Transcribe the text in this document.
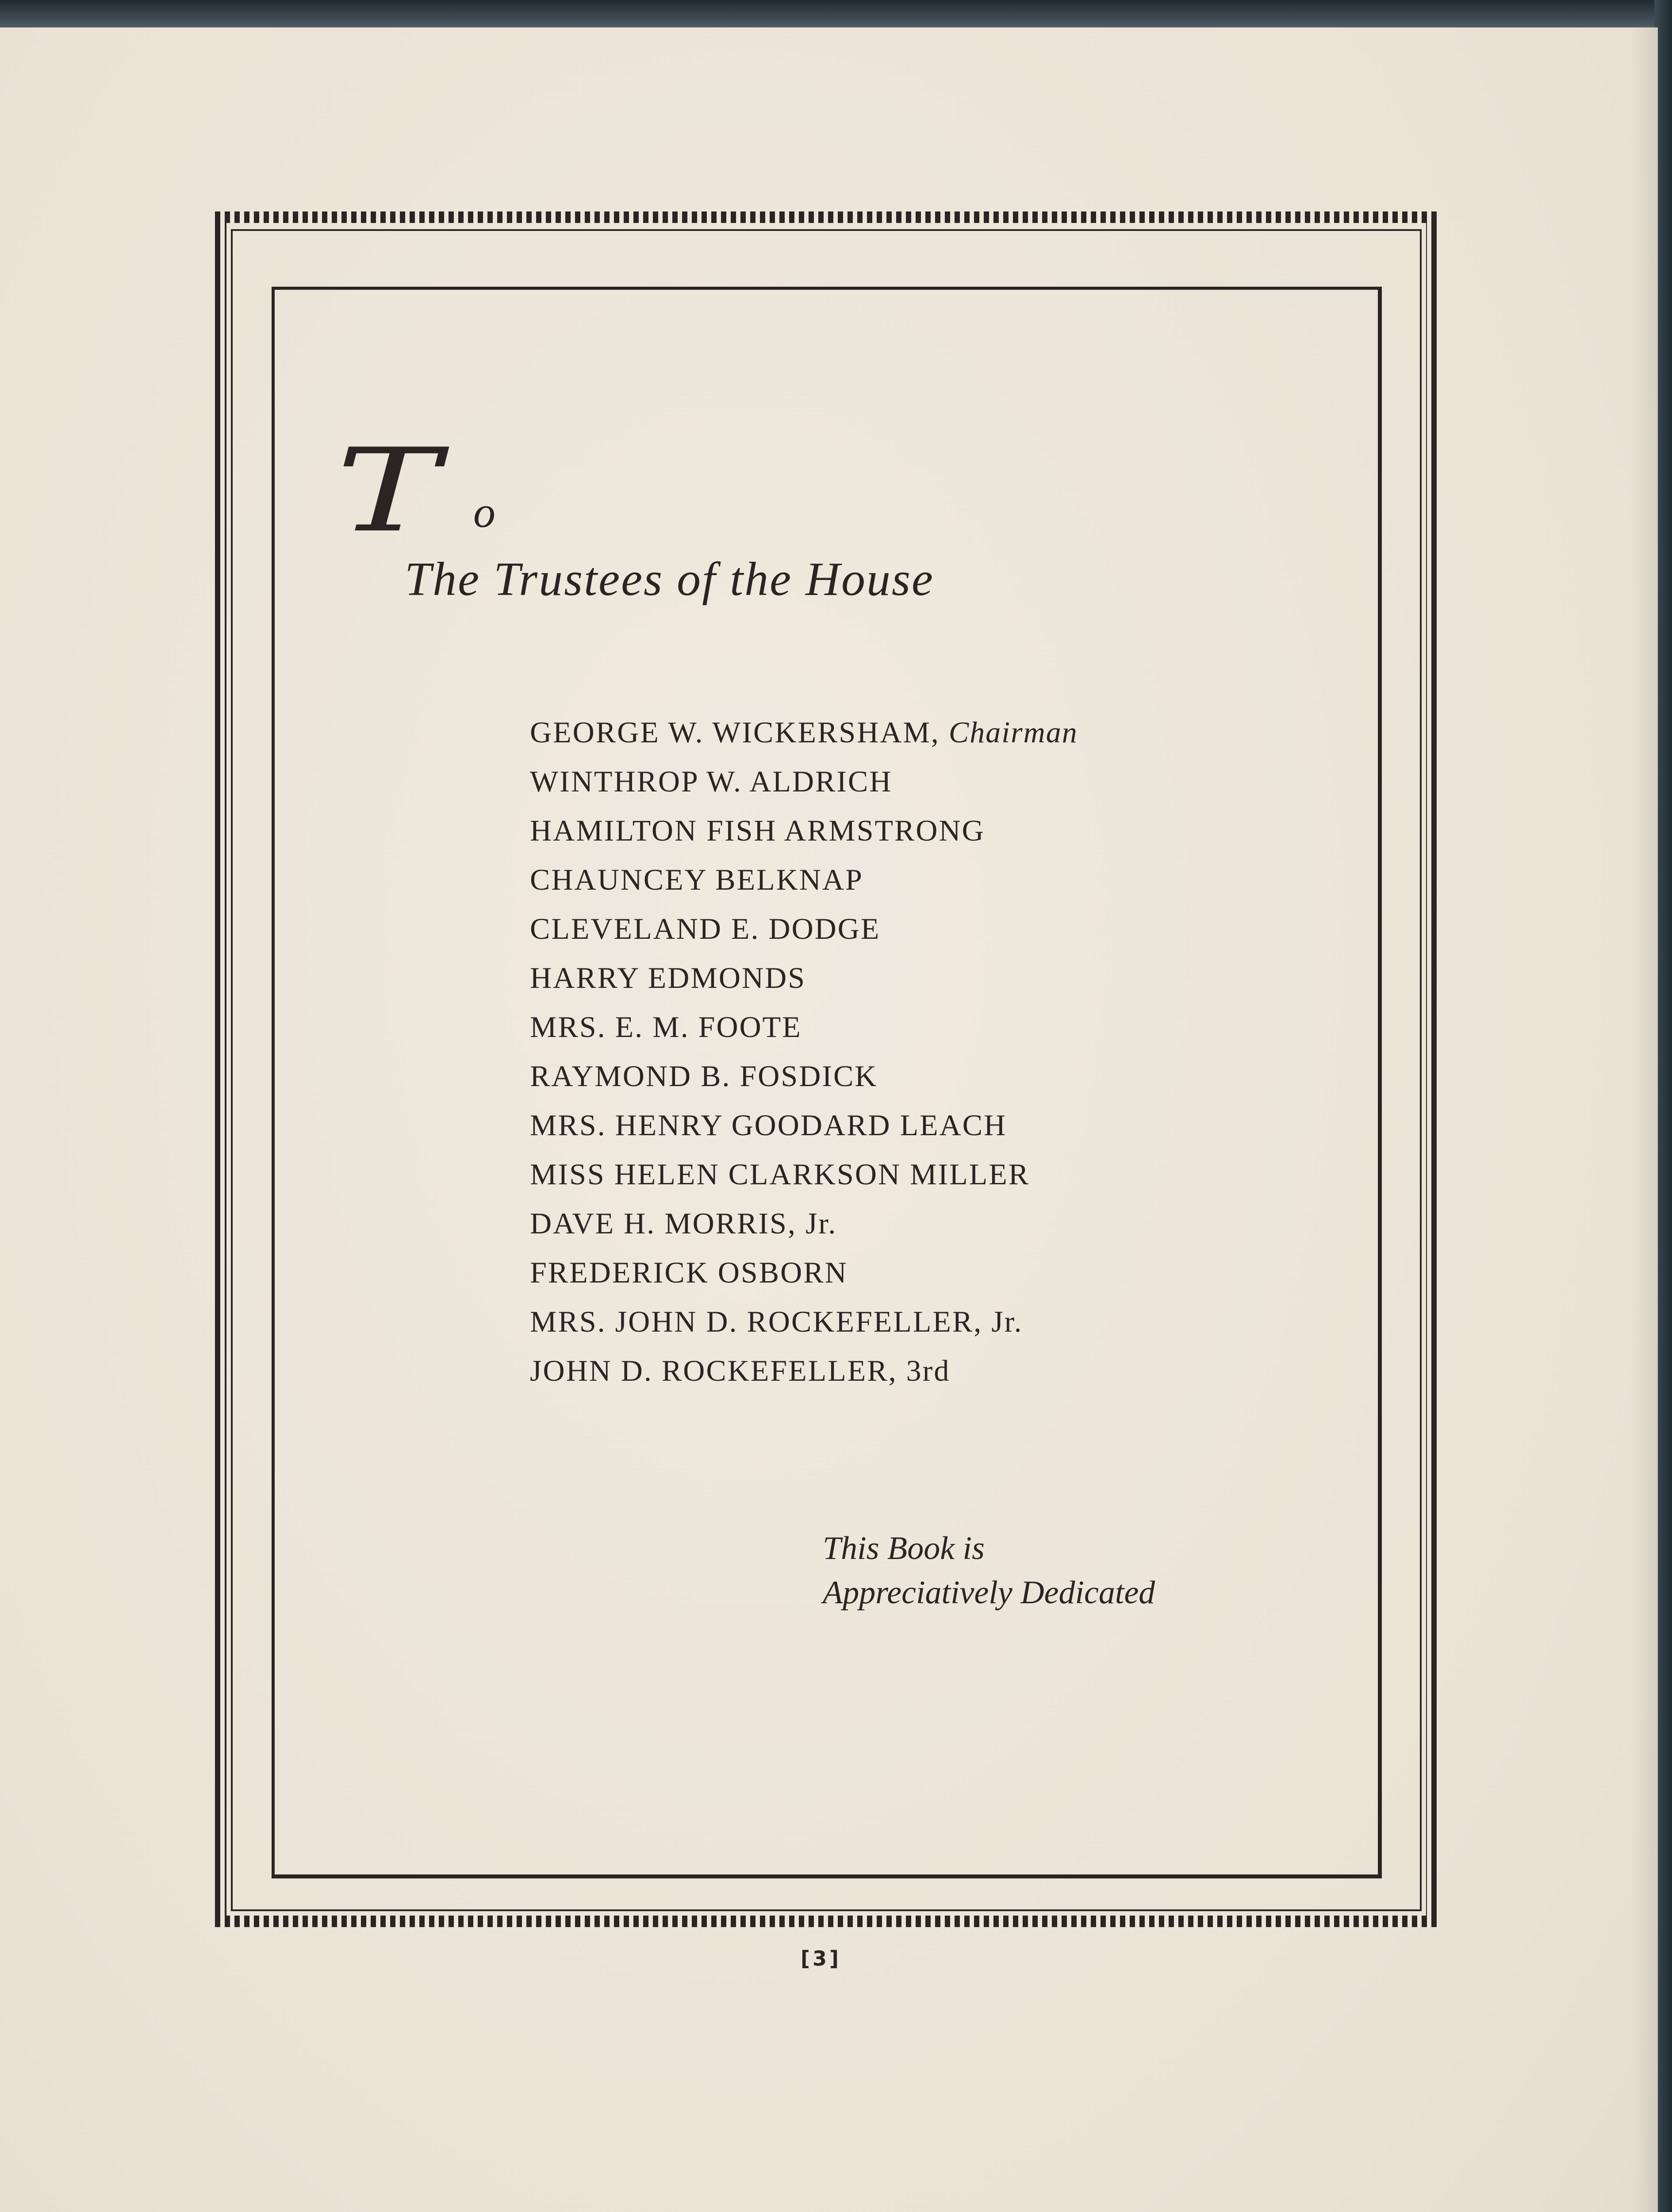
T o
The Trustees of the House
GEORGE W. WICKERSHAM, Chairman
WINTHROP W. ALDRICH
HAMILTON FISH ARMSTRONG
CHAUNCEY BELKNAP
CLEVELAND E. DODGE
HARRY EDMONDS
MRS. E. M. FOOTE
RAYMOND B. FOSDICK
MRS. HENRY GOODARD LEACH
MISS HELEN CLARKSON MILLER
DAVE H. MORRIS, Jr.
FREDERICK OSBORN
MRS. JOHN D. ROCKEFELLER, Jr.
JOHN D. ROCKEFELLER, 3rd
This Book is
Appreciatively Dedicated
[3]
